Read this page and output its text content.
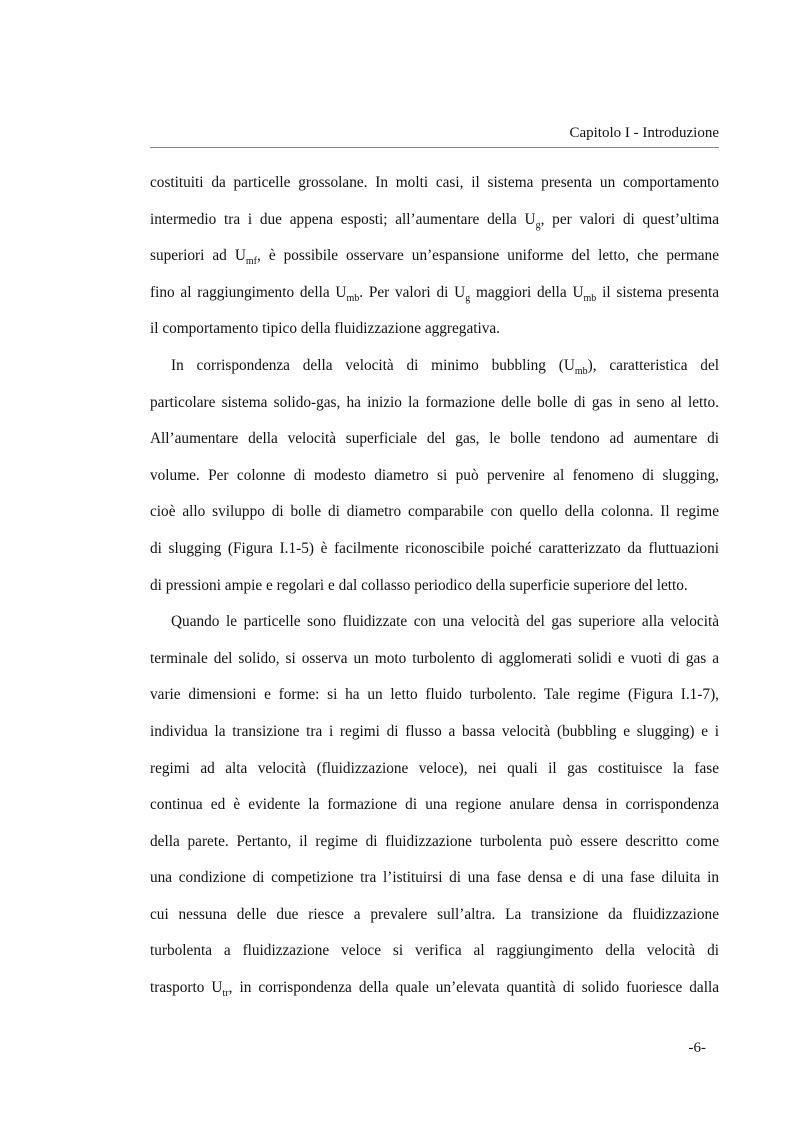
Capitolo I - Introduzione
costituiti da particelle grossolane. In molti casi, il sistema presenta un comportamento
intermedio tra i due appena esposti; all’aumentare della $U_g$, per valori di quest’ultima
superiori ad $U_{mf}$, è possibile osservare un’espansione uniforme del letto, che permane
fino al raggiungimento della $U_{mb}$. Per valori di $U_g$ maggiori della $U_{mb}$ il sistema presenta
il comportamento tipico della fluidizzazione aggregativa.
In corrispondenza della velocità di minimo bubbling $(U_{mb})$, caratteristica del
particolare sistema solido-gas, ha inizio la formazione delle bolle di gas in seno al letto.
All’aumentare della velocità superficiale del gas, le bolle tendono ad aumentare di
volume. Per colonne di modesto diametro si può pervenire al fenomeno di slugging,
cioè allo sviluppo di bolle di diametro comparabile con quello della colonna. Il regime
di slugging (Figura I.1-5) è facilmente riconoscibile poiché caratterizzato da fluttuazioni
di pressioni ampie e regolari e dal collasso periodico della superficie superiore del letto.
Quando le particelle sono fluidizzate con una velocità del gas superiore alla velocità
terminale del solido, si osserva un moto turbolento di agglomerati solidi e vuoti di gas a
varie dimensioni e forme: si ha un letto fluido turbolento. Tale regime (Figura I.1-7),
individua la transizione tra i regimi di flusso a bassa velocità (bubbling e slugging) e i
regimi ad alta velocità (fluidizzazione veloce), nei quali il gas costituisce la fase
continua ed è evidente la formazione di una regione anulare densa in corrispondenza
della parete. Pertanto, il regime di fluidizzazione turbolenta può essere descritto come
una condizione di competizione tra l’istituirsi di una fase densa e di una fase diluita in
cui nessuna delle due riesce a prevalere sull’altra. La transizione da fluidizzazione
turbolenta a fluidizzazione veloce si verifica al raggiungimento della velocità di
trasporto $U_{tr}$, in corrispondenza della quale un’elevata quantità di solido fuoriesce dalla
-6-
